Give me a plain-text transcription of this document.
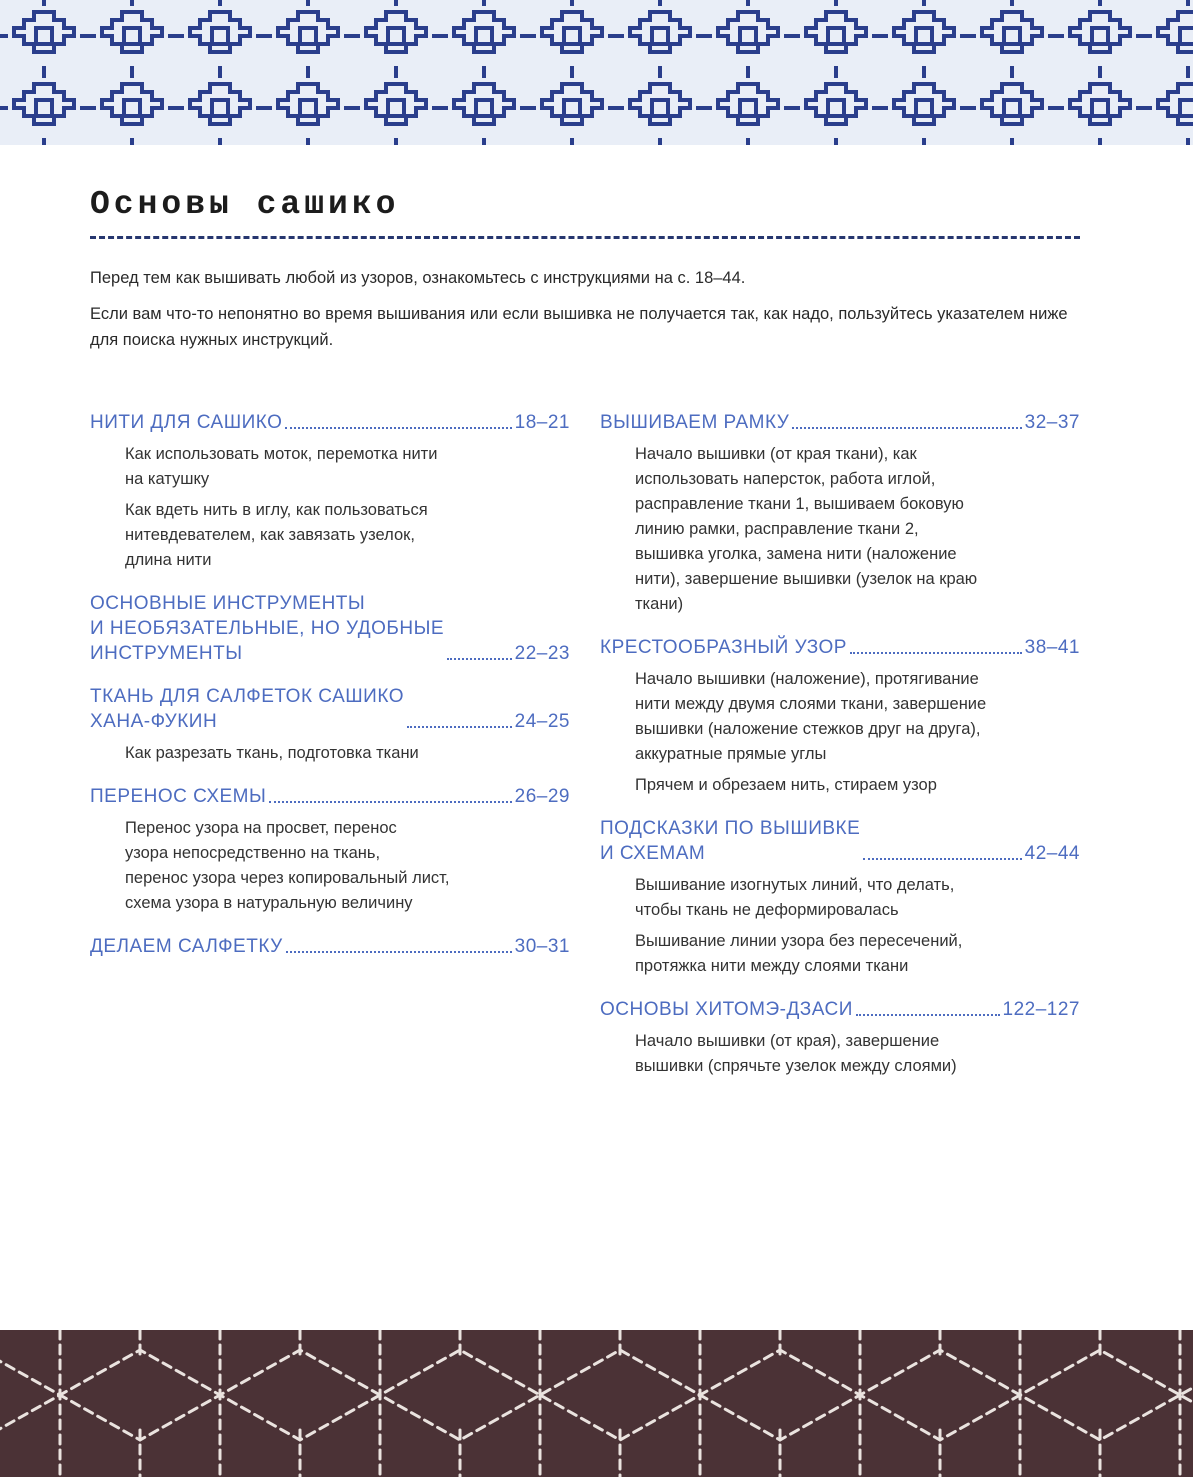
Основы сашико

Перед тем как вышивать любой из узоров, ознакомьтесь с инструкциями на с. 18–44.

Если вам что-то непонятно во время вышивания или если вышивка не получается так, как надо, пользуйтесь указателем ниже для поиска нужных инструкций.

НИТИ ДЛЯ САШИКО	18–21
Как использовать моток, перемотка нити
на катушку
Как вдеть нить в иглу, как пользоваться
нитевдевателем, как завязать узелок,
длина нити
ОСНОВНЫЕ ИНСТРУМЕНТЫ
И НЕОБЯЗАТЕЛЬНЫЕ, НО УДОБНЫЕ
ИНСТРУМЕНТЫ	22–23
ТКАНЬ ДЛЯ САЛФЕТОК САШИКО
ХАНА-ФУКИН	24–25
Как разрезать ткань, подготовка ткани
ПЕРЕНОС СХЕМЫ	26–29
Перенос узора на просвет, перенос
узора непосредственно на ткань,
перенос узора через копировальный лист,
схема узора в натуральную величину
ДЕЛАЕМ САЛФЕТКУ	30–31
ВЫШИВАЕМ РАМКУ	32–37
Начало вышивки (от края ткани), как
использовать наперсток, работа иглой,
расправление ткани 1, вышиваем боковую
линию рамки, расправление ткани 2,
вышивка уголка, замена нити (наложение
нити), завершение вышивки (узелок на краю
ткани)
КРЕСТООБРАЗНЫЙ УЗОР	38–41
Начало вышивки (наложение), протягивание
нити между двумя слоями ткани, завершение
вышивки (наложение стежков друг на друга),
аккуратные прямые углы
Прячем и обрезаем нить, стираем узор
ПОДСКАЗКИ ПО ВЫШИВКЕ
И СХЕМАМ	42–44
Вышивание изогнутых линий, что делать,
чтобы ткань не деформировалась
Вышивание линии узора без пересечений,
протяжка нити между слоями ткани
ОСНОВЫ ХИТОМЭ-ДЗАСИ	122–127
Начало вышивки (от края), завершение
вышивки (спрячьте узелок между слоями)
